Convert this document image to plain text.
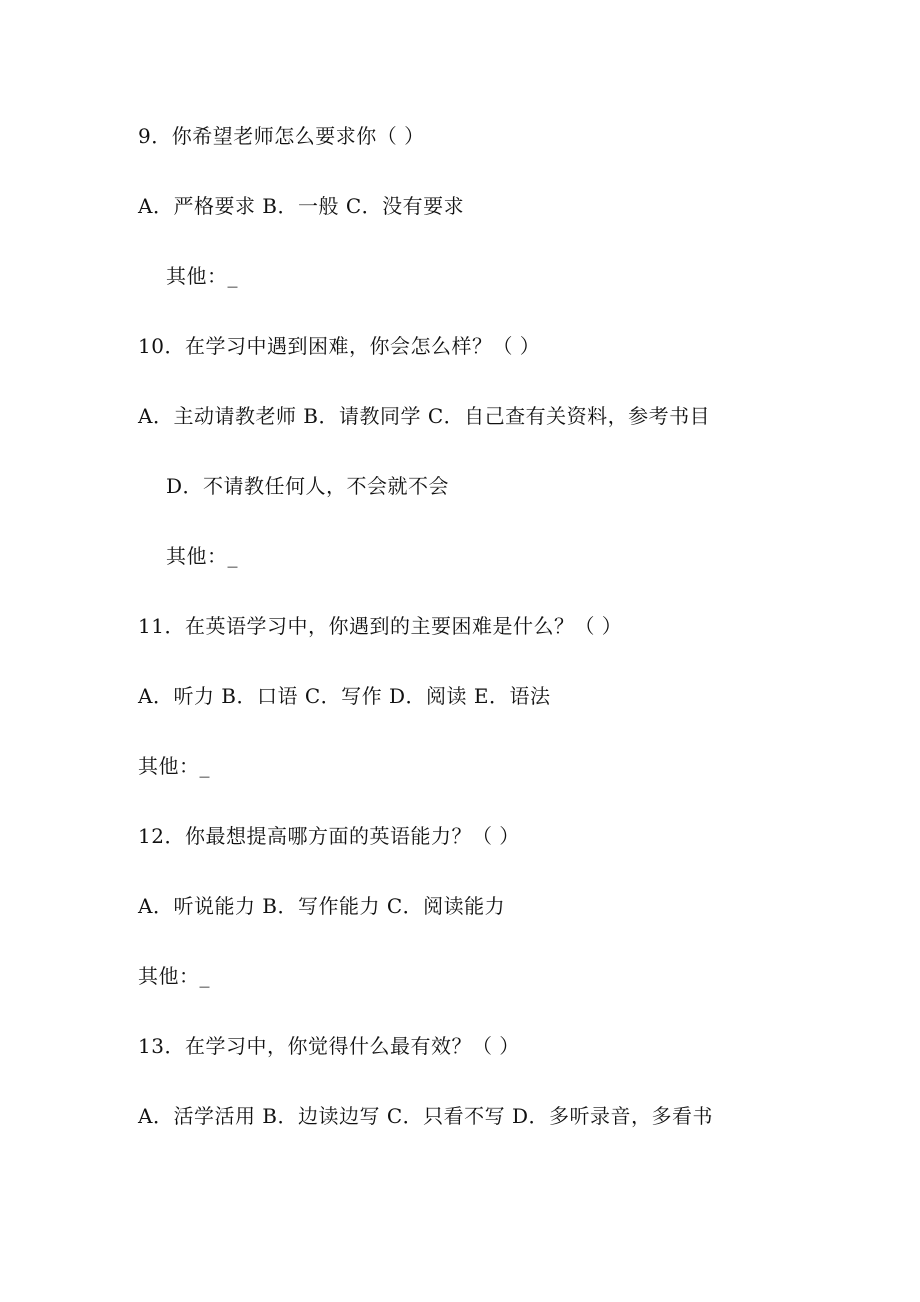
9．你希望老师怎么要求你（ ）
A．严格要求 B．一般 C．没有要求
其他：_
10．在学习中遇到困难，你会怎么样？（ ）
A．主动请教老师 B．请教同学 C．自己查有关资料，参考书目
D．不请教任何人，不会就不会
其他：_
11．在英语学习中，你遇到的主要困难是什么？（ ）
A．听力 B．口语 C．写作 D．阅读 E．语法
其他：_
12．你最想提高哪方面的英语能力？（ ）
A．听说能力 B．写作能力 C．阅读能力
其他：_
13．在学习中，你觉得什么最有效？（ ）
A．活学活用 B．边读边写 C．只看不写 D．多听录音，多看书
